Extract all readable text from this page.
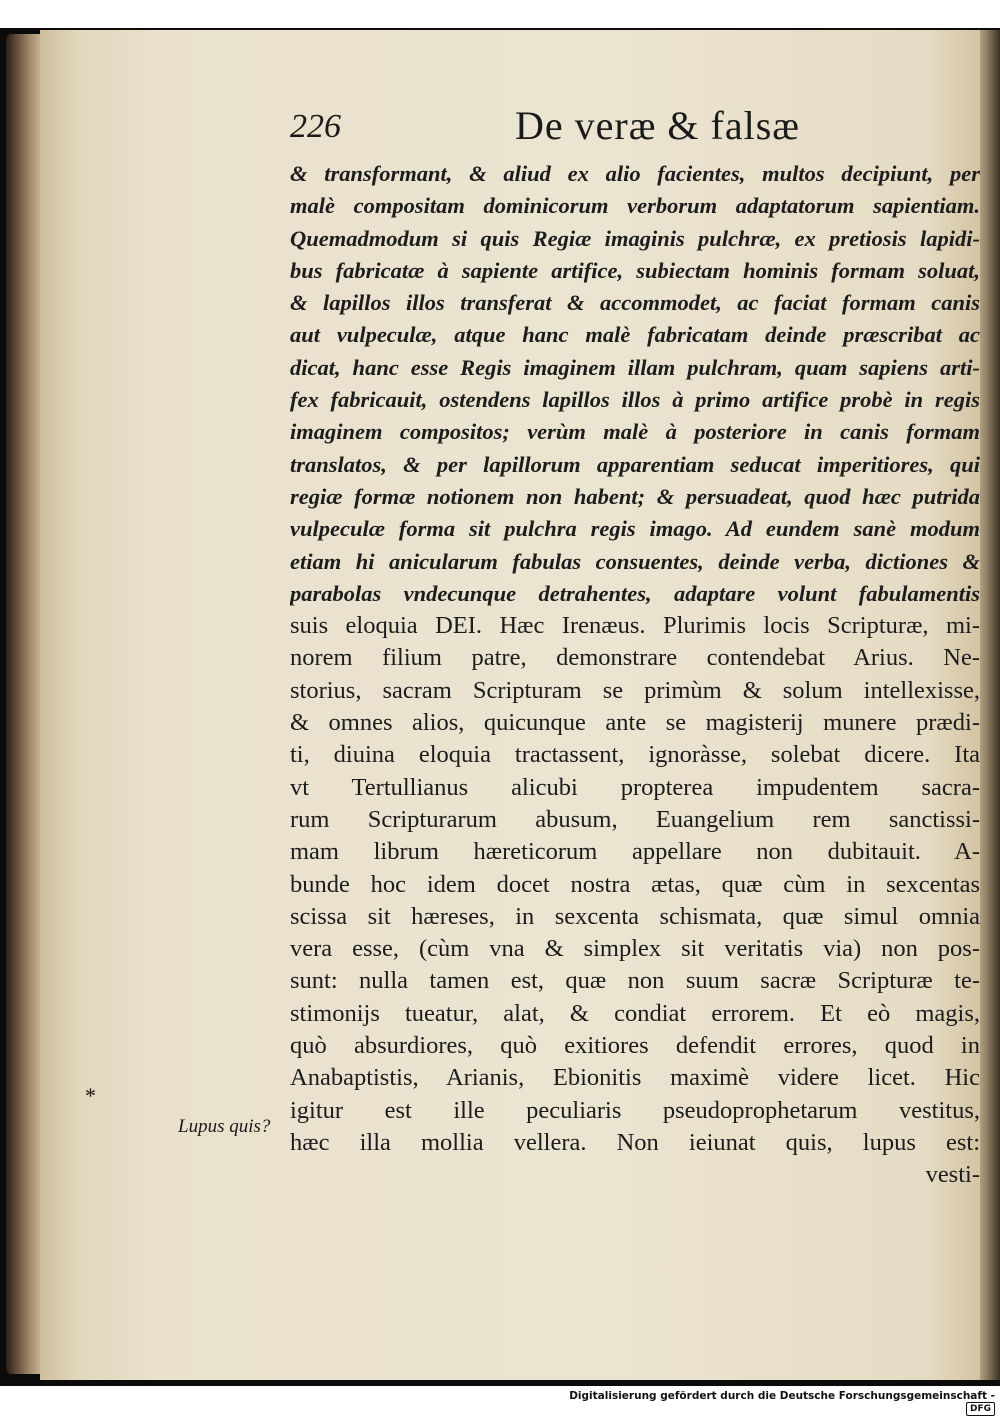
226	De veræ & falsæ
& transformant, & aliud ex alio facientes, multos decipiunt, per
malè compositam dominicorum verborum adaptatorum sapientiam.
Quemadmodum si quis Regiæ imaginis pulchræ, ex pretiosis lapidi-
bus fabricatæ à sapiente artifice, subiectam hominis formam soluat,
& lapillos illos transferat & accommodet, ac faciat formam canis
aut vulpeculæ, atque hanc malè fabricatam deinde præscribat ac
dicat, hanc esse Regis imaginem illam pulchram, quam sapiens arti-
fex fabricauit, ostendens lapillos illos à primo artifice probè in regis
imaginem compositos; verùm malè à posteriore in canis formam
translatos, & per lapillorum apparentiam seducat imperitiores, qui
regiæ formæ notionem non habent; & persuadeat, quod hæc putrida
vulpeculæ forma sit pulchra regis imago. Ad eundem sanè modum
etiam hi anicularum fabulas consuentes, deinde verba, dictiones &
parabolas vndecunque detrahentes, adaptare volunt fabulamentis
suis eloquia DEI. Hæc Irenæus. Plurimis locis Scripturæ, mi-
norem filium patre, demonstrare contendebat Arius. Ne-
storius, sacram Scripturam se primùm & solum intellexisse,
& omnes alios, quicunque ante se magisterij munere prædi-
ti, diuina eloquia tractassent, ignoràsse, solebat dicere. Ita
vt Tertullianus alicubi propterea impudentem sacra-
rum Scripturarum abusum, Euangelium rem sanctissi-
mam librum hæreticorum appellare non dubitauit. A-
bunde hoc idem docet nostra ætas, quæ cùm in sexcentas
scissa sit hæreses, in sexcenta schismata, quæ simul omnia
vera esse, (cùm vna & simplex sit veritatis via) non pos-
sunt: nulla tamen est, quæ non suum sacræ Scripturæ te-
stimonijs tueatur, alat, & condiat errorem. Et eò magis,
quò absurdiores, quò exitiores defendit errores, quod in
Anabaptistis, Arianis, Ebionitis maximè videre licet. Hic
igitur est ille peculiaris pseudoprophetarum vestitus,
hæc illa mollia vellera. Non ieiunat quis, lupus est:
vesti-
*
Lupus quis?
Digitalisierung gefördert durch die Deutsche Forschungsgemeinschaft - DFG
